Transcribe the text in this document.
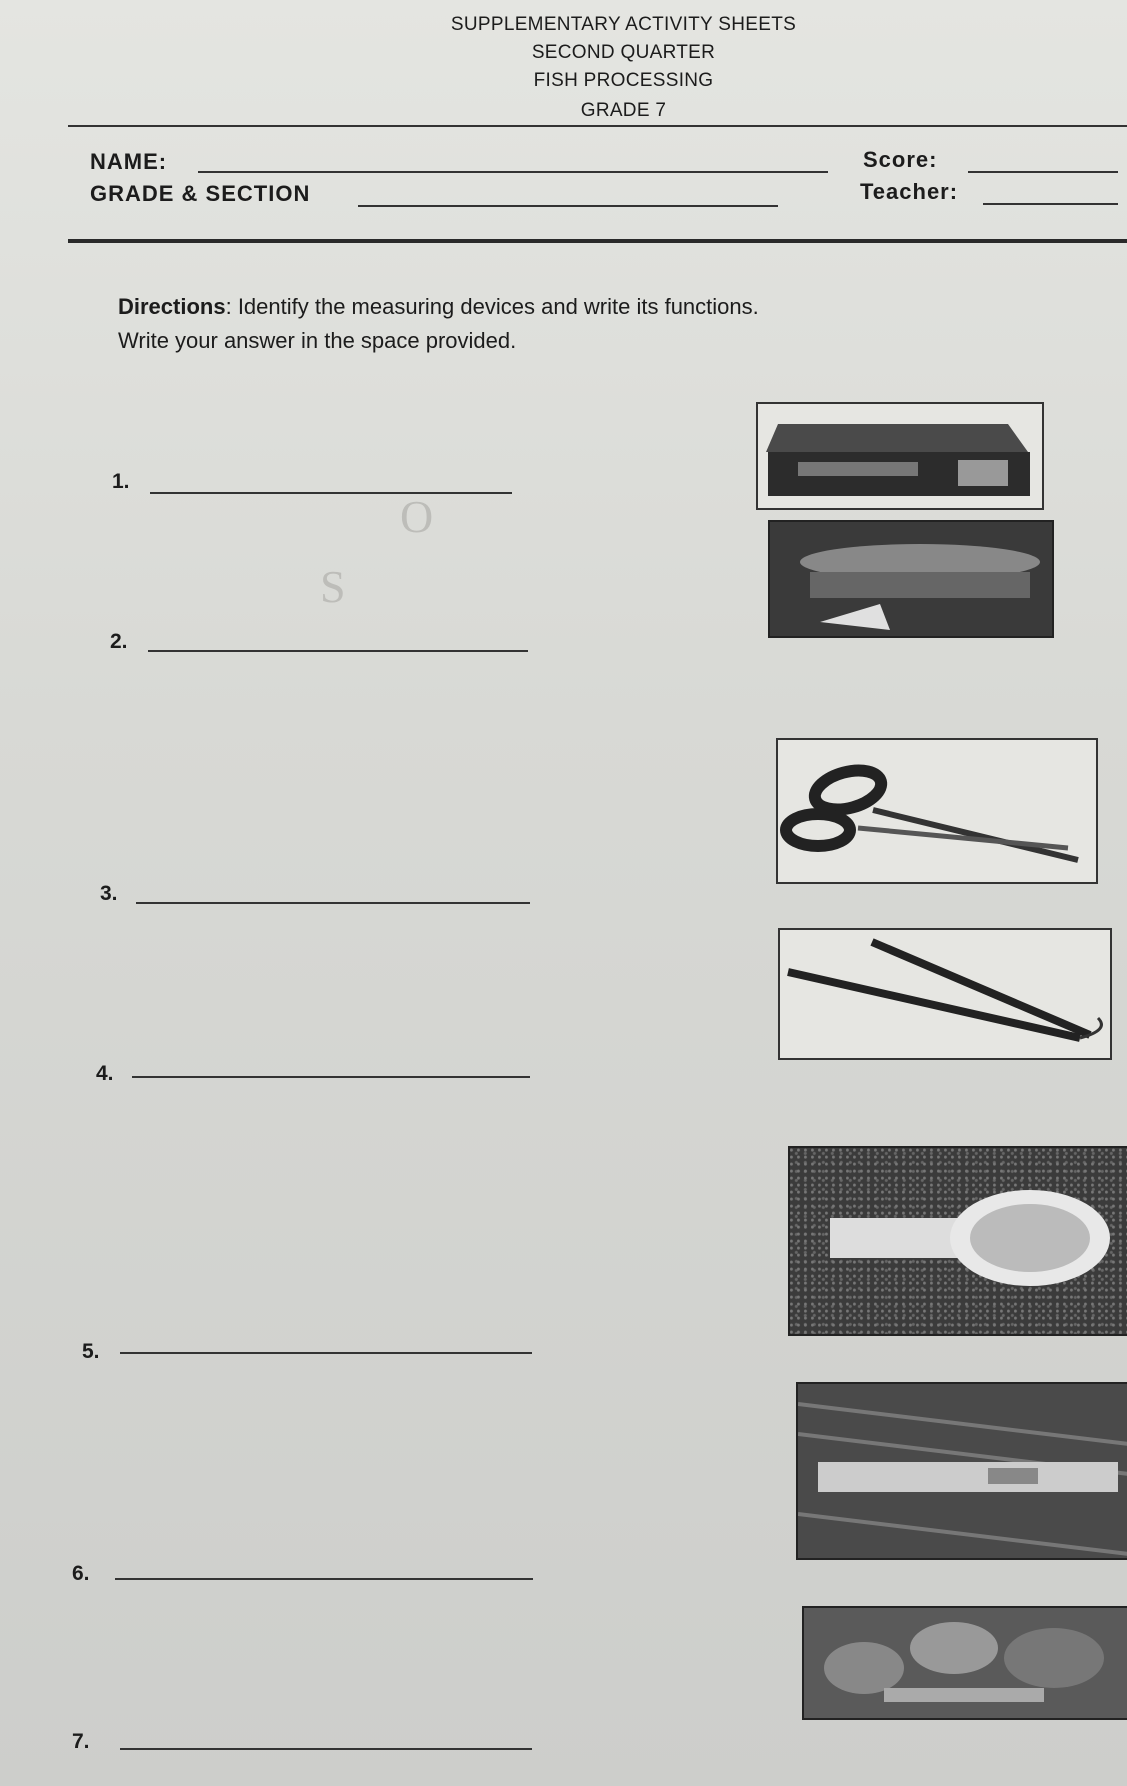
SUPPLEMENTARY ACTIVITY SHEETS
SECOND QUARTER
FISH PROCESSING
GRADE 7
NAME:	Score:
GRADE & SECTION	Teacher:
Directions: Identify the measuring devices and write its functions.
Write your answer in the space provided.
O
S
1.
2.
3.
4.
5.
6.
7.
